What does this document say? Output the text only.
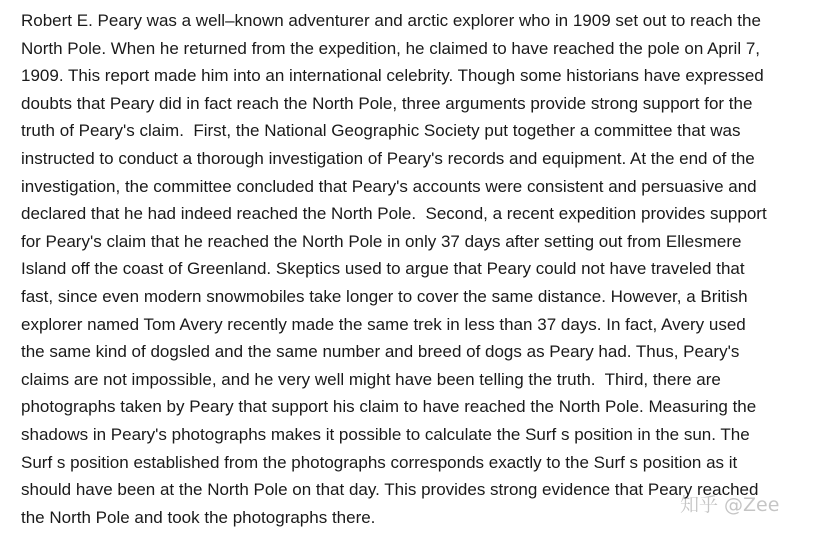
Robert E. Peary was a well–known adventurer and arctic explorer who in 1909 set out to reach the

North Pole. When he returned from the expedition, he claimed to have reached the pole on April 7,

1909. This report made him into an international celebrity. Though some historians have expressed

doubts that Peary did in fact reach the North Pole, three arguments provide strong support for the

truth of Peary's claim.  First, the National Geographic Society put together a committee that was

instructed to conduct a thorough investigation of Peary's records and equipment. At the end of the

investigation, the committee concluded that Peary's accounts were consistent and persuasive and

declared that he had indeed reached the North Pole.  Second, a recent expedition provides support

for Peary's claim that he reached the North Pole in only 37 days after setting out from Ellesmere

Island off the coast of Greenland. Skeptics used to argue that Peary could not have traveled that

fast, since even modern snowmobiles take longer to cover the same distance. However, a British

explorer named Tom Avery recently made the same trek in less than 37 days. In fact, Avery used

the same kind of dogsled and the same number and breed of dogs as Peary had. Thus, Peary's

claims are not impossible, and he very well might have been telling the truth.  Third, there are

photographs taken by Peary that support his claim to have reached the North Pole. Measuring the

shadows in Peary's photographs makes it possible to calculate the Surf s position in the sun. The

Surf s position established from the photographs corresponds exactly to the Surf s position as it

should have been at the North Pole on that day. This provides strong evidence that Peary reached

the North Pole and took the photographs there.

知乎 @Zee
